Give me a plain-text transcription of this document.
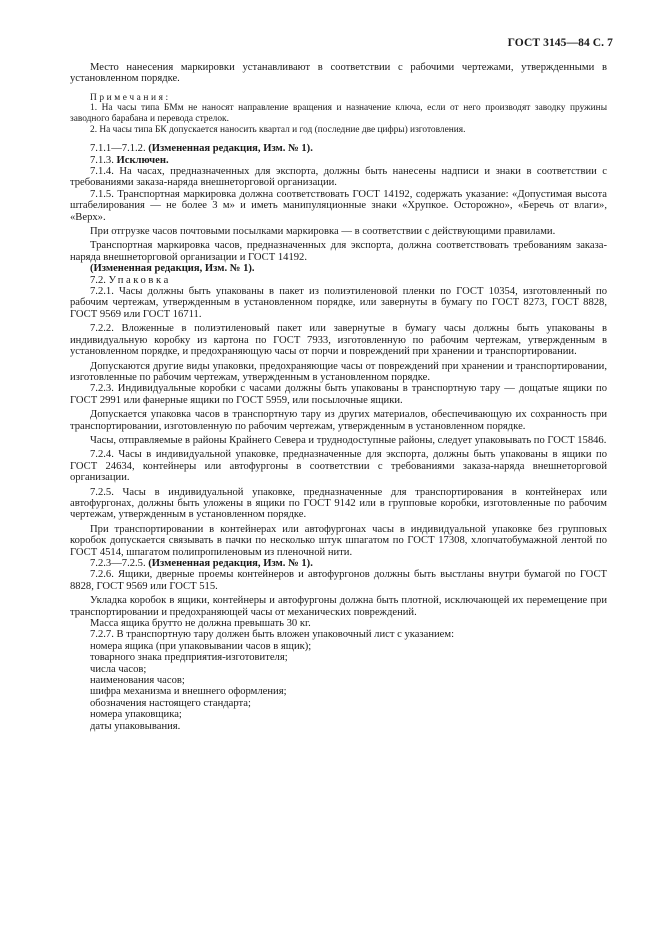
ГОСТ 3145—84 С. 7

Место нанесения маркировки устанавливают в соответствии с рабочими чертежами, утвержденными в установленном порядке.

Примечания:

1. На часы типа БМм не наносят направление вращения и назначение ключа, если от него производят заводку пружины заводного барабана и перевода стрелок.

2. На часы типа БК допускается наносить квартал и год (последние две цифры) изготовления.

7.1.1—7.1.2. (Измененная редакция, Изм. № 1).

7.1.3. Исключен.

7.1.4. На часах, предназначенных для экспорта, должны быть нанесены надписи и знаки в соответствии с требованиями заказа-наряда внешнеторговой организации.

7.1.5. Транспортная маркировка должна соответствовать ГОСТ 14192, содержать указание: «Допустимая высота штабелирования — не более 3 м» и иметь манипуляционные знаки «Хрупкое. Осторожно», «Беречь от влаги», «Верх».

При отгрузке часов почтовыми посылками маркировка — в соответствии с действующими правилами.

Транспортная маркировка часов, предназначенных для экспорта, должна соответствовать требованиям заказа-наряда внешнеторговой организации и ГОСТ 14192.

(Измененная редакция, Изм. № 1).

7.2. Упаковка

7.2.1. Часы должны быть упакованы в пакет из полиэтиленовой пленки по ГОСТ 10354, изготовленный по рабочим чертежам, утвержденным в установленном порядке, или завернуты в бумагу по ГОСТ 8273, ГОСТ 8828, ГОСТ 9569 или ГОСТ 16711.

7.2.2. Вложенные в полиэтиленовый пакет или завернутые в бумагу часы должны быть упакованы в индивидуальную коробку из картона по ГОСТ 7933, изготовленную по рабочим чертежам, утвержденным в установленном порядке, и предохраняющую часы от порчи и повреждений при хранении и транспортировании.

Допускаются другие виды упаковки, предохраняющие часы от повреждений при хранении и транспортировании, изготовленные по рабочим чертежам, утвержденным в установленном порядке.

7.2.3. Индивидуальные коробки с часами должны быть упакованы в транспортную тару — дощатые ящики по ГОСТ 2991 или фанерные ящики по ГОСТ 5959, или посылочные ящики.

Допускается упаковка часов в транспортную тару из других материалов, обеспечивающую их сохранность при транспортировании, изготовленную по рабочим чертежам, утвержденным в установленном порядке.

Часы, отправляемые в районы Крайнего Севера и труднодоступные районы, следует упаковывать по ГОСТ 15846.

7.2.4. Часы в индивидуальной упаковке, предназначенные для экспорта, должны быть упакованы в ящики по ГОСТ 24634, контейнеры или автофургоны в соответствии с требованиями заказа-наряда внешнеторговой организации.

7.2.5. Часы в индивидуальной упаковке, предназначенные для транспортирования в контейнерах или автофургонах, должны быть уложены в ящики по ГОСТ 9142 или в групповые коробки, изготовленные по рабочим чертежам, утвержденным в установленном порядке.

При транспортировании в контейнерах или автофургонах часы в индивидуальной упаковке без групповых коробок допускается связывать в пачки по несколько штук шпагатом по ГОСТ 17308, хлопчатобумажной лентой по ГОСТ 4514, шпагатом полипропиленовым из пленочной нити.

7.2.3—7.2.5. (Измененная редакция, Изм. № 1).

7.2.6. Ящики, дверные проемы контейнеров и автофургонов должны быть выстланы внутри бумагой по ГОСТ 8828, ГОСТ 9569 или ГОСТ 515.

Укладка коробок в ящики, контейнеры и автофургоны должна быть плотной, исключающей их перемещение при транспортировании и предохраняющей часы от механических повреждений.

Масса ящика брутто не должна превышать 30 кг.

7.2.7. В транспортную тару должен быть вложен упаковочный лист с указанием:

номера ящика (при упаковывании часов в ящик);

товарного знака предприятия-изготовителя;

числа часов;

наименования часов;

шифра механизма и внешнего оформления;

обозначения настоящего стандарта;

номера упаковщика;

даты упаковывания.
